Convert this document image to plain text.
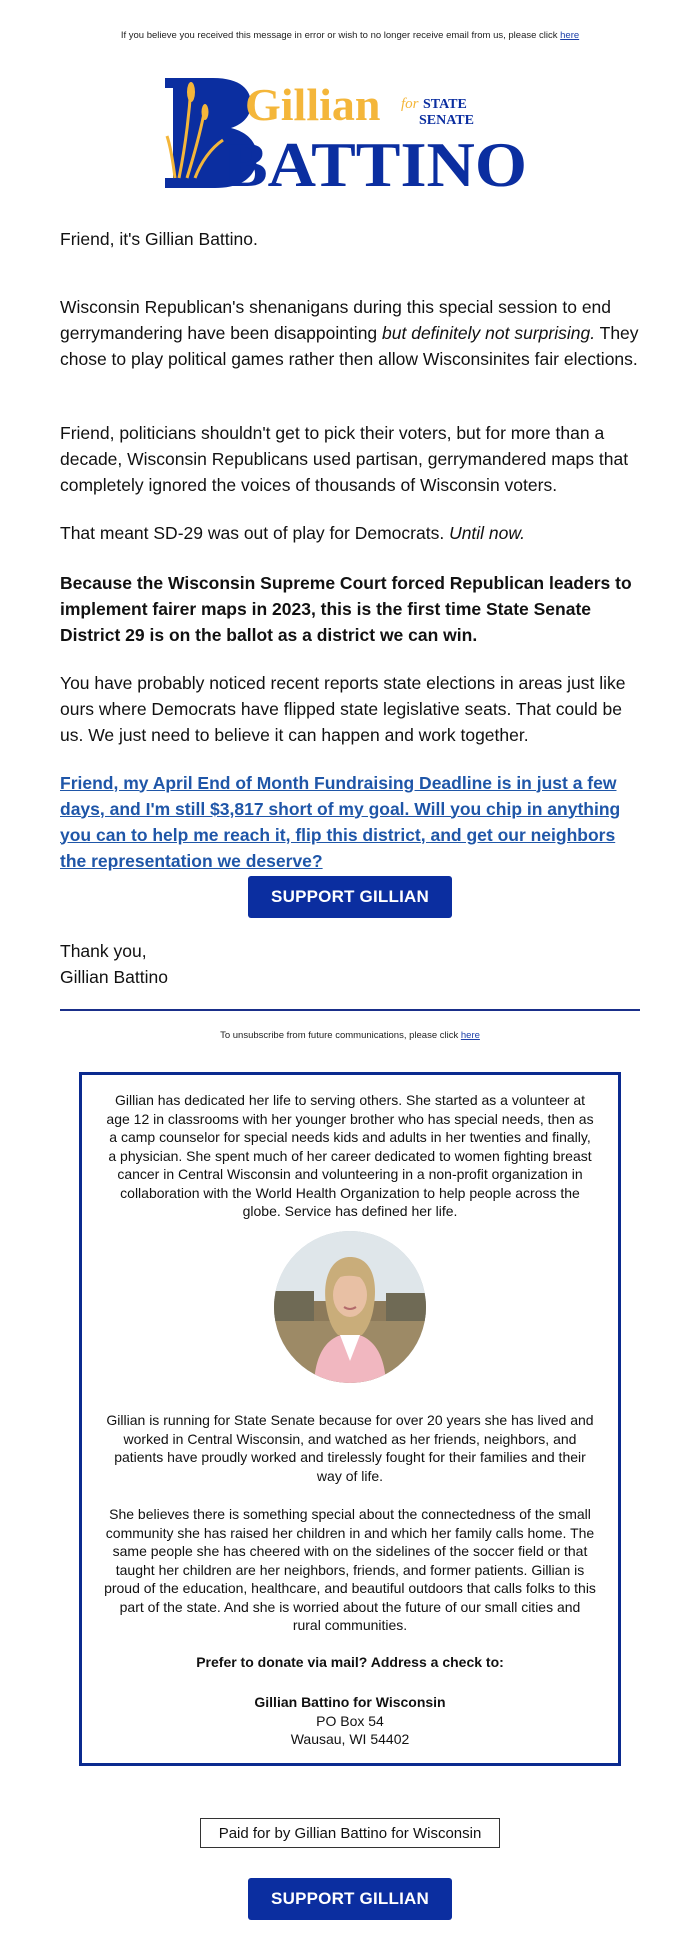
If you believe you received this message in error or wish to no longer receive email from us, please click here
Gillian for STATE
SENATE
BATTINO
Friend, it's Gillian Battino.

Wisconsin Republican's shenanigans during this special session to end gerrymandering have been disappointing but definitely not surprising. They chose to play political games rather then allow Wisconsinites fair elections.

Friend, politicians shouldn't get to pick their voters, but for more than a decade, Wisconsin Republicans used partisan, gerrymandered maps that completely ignored the voices of thousands of Wisconsin voters.

That meant SD-29 was out of play for Democrats. Until now.

Because the Wisconsin Supreme Court forced Republican leaders to implement fairer maps in 2023, this is the first time State Senate District 29 is on the ballot as a district we can win.

You have probably noticed recent reports state elections in areas just like ours where Democrats have flipped state legislative seats. That could be us. We just need to believe it can happen and work together.

Friend, my April End of Month Fundraising Deadline is in just a few days, and I'm still $3,817 short of my goal. Will you chip in anything you can to help me reach it, flip this district, and get our neighbors the representation we deserve?

SUPPORT GILLIAN
Thank you,
Gillian Battino
To unsubscribe from future communications, please click here
Gillian has dedicated her life to serving others. She started as a volunteer at age 12 in classrooms with her younger brother who has special needs, then as a camp counselor for special needs kids and adults in her twenties and finally, a physician. She spent much of her career dedicated to women fighting breast cancer in Central Wisconsin and volunteering in a non-profit organization in collaboration with the World Health Organization to help people across the globe. Service has defined her life.
Gillian is running for State Senate because for over 20 years she has lived and worked in Central Wisconsin, and watched as her friends, neighbors, and patients have proudly worked and tirelessly fought for their families and their way of life.
She believes there is something special about the connectedness of the small community she has raised her children in and which her family calls home. The same people she has cheered with on the sidelines of the soccer field or that taught her children are her neighbors, friends, and former patients. Gillian is proud of the education, healthcare, and beautiful outdoors that calls folks to this part of the state. And she is worried about the future of our small cities and rural communities.
Prefer to donate via mail? Address a check to:
Gillian Battino for Wisconsin
PO Box 54
Wausau, WI 54402
Paid for by Gillian Battino for Wisconsin
SUPPORT GILLIAN
